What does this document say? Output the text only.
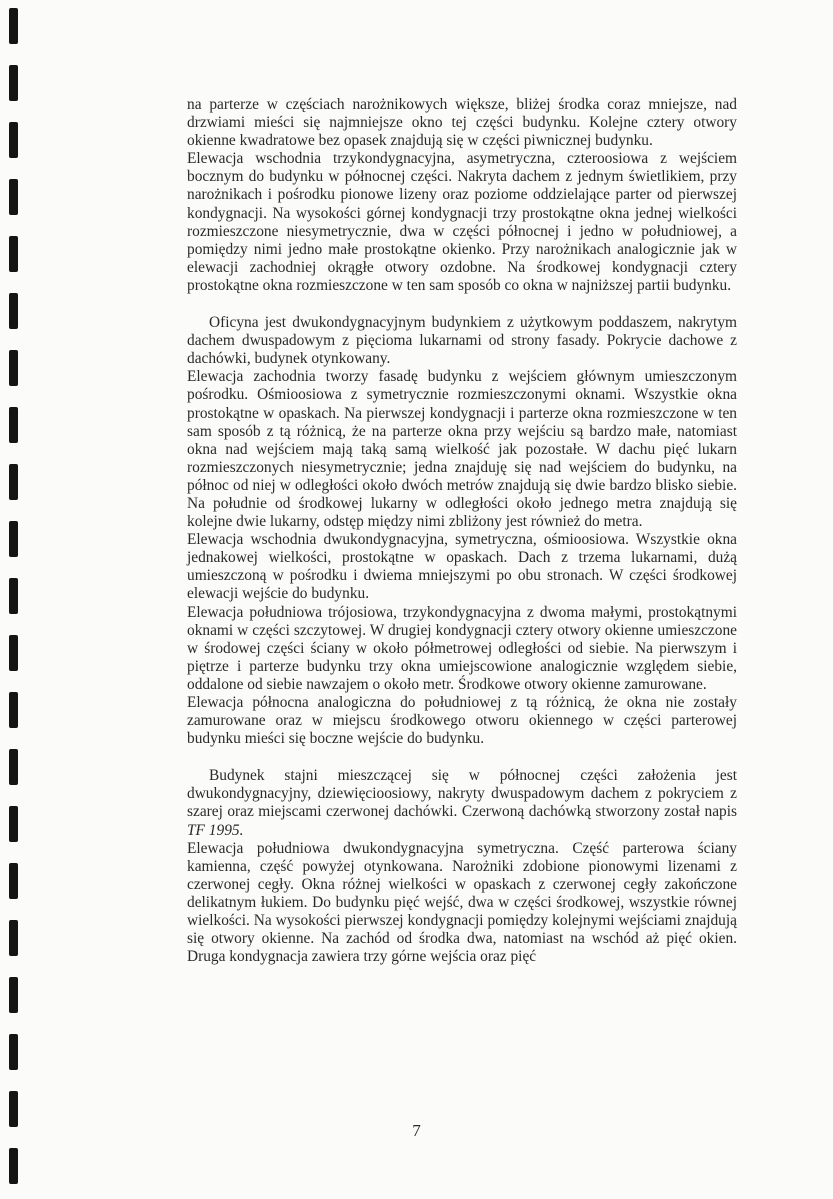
na parterze w częściach narożnikowych większe, bliżej środka coraz mniejsze, nad drzwiami mieści się najmniejsze okno tej części budynku. Kolejne cztery otwory okienne kwadratowe bez opasek znajdują się w części piwnicznej budynku.

Elewacja wschodnia trzykondygnacyjna, asymetryczna, czteroosiowa z wejściem bocznym do budynku w północnej części. Nakryta dachem z jednym świetlikiem, przy narożnikach i pośrodku pionowe lizeny oraz poziome oddzielające parter od pierwszej kondygnacji. Na wysokości górnej kondygnacji trzy prostokątne okna jednej wielkości rozmieszczone niesymetrycznie, dwa w części północnej i jedno w południowej, a pomiędzy nimi jedno małe prostokątne okienko. Przy narożnikach analogicznie jak w elewacji zachodniej okrągłe otwory ozdobne. Na środkowej kondygnacji cztery prostokątne okna rozmieszczone w ten sam sposób co okna w najniższej partii budynku.

Oficyna jest dwukondygnacyjnym budynkiem z użytkowym poddaszem, nakrytym dachem dwuspadowym z pięcioma lukarnami od strony fasady. Pokrycie dachowe z dachówki, budynek otynkowany.

Elewacja zachodnia tworzy fasadę budynku z wejściem głównym umieszczonym pośrodku. Ośmioosiowa z symetrycznie rozmieszczonymi oknami. Wszystkie okna prostokątne w opaskach. Na pierwszej kondygnacji i parterze okna rozmieszczone w ten sam sposób z tą różnicą, że na parterze okna przy wejściu są bardzo małe, natomiast okna nad wejściem mają taką samą wielkość jak pozostałe. W dachu pięć lukarn rozmieszczonych niesymetrycznie; jedna znajduję się nad wejściem do budynku, na północ od niej w odległości około dwóch metrów znajdują się dwie bardzo blisko siebie. Na południe od środkowej lukarny w odległości około jednego metra znajdują się kolejne dwie lukarny, odstęp między nimi zbliżony jest również do metra.

Elewacja wschodnia dwukondygnacyjna, symetryczna, ośmioosiowa. Wszystkie okna jednakowej wielkości, prostokątne w opaskach. Dach z trzema lukarnami, dużą umieszczoną w pośrodku i dwiema mniejszymi po obu stronach. W części środkowej elewacji wejście do budynku.

Elewacja południowa trójosiowa, trzykondygnacyjna z dwoma małymi, prostokątnymi oknami w części szczytowej. W drugiej kondygnacji cztery otwory okienne umieszczone w środowej części ściany w około półmetrowej odległości od siebie. Na pierwszym i piętrze i parterze budynku trzy okna umiejscowione analogicznie względem siebie, oddalone od siebie nawzajem o około metr. Środkowe otwory okienne zamurowane.

Elewacja północna analogiczna do południowej z tą różnicą, że okna nie zostały zamurowane oraz w miejscu środkowego otworu okiennego w części parterowej budynku mieści się boczne wejście do budynku.

Budynek stajni mieszczącej się w północnej części założenia jest dwukondygnacyjny, dziewięcioosiowy, nakryty dwuspadowym dachem z pokryciem z szarej oraz miejscami czerwonej dachówki. Czerwoną dachówką stworzony został napis TF 1995.

Elewacja południowa dwukondygnacyjna symetryczna. Część parterowa ściany kamienna, część powyżej otynkowana. Narożniki zdobione pionowymi lizenami z czerwonej cegły. Okna różnej wielkości w opaskach z czerwonej cegły zakończone delikatnym łukiem. Do budynku pięć wejść, dwa w części środkowej, wszystkie równej wielkości. Na wysokości pierwszej kondygnacji pomiędzy kolejnymi wejściami znajdują się otwory okienne. Na zachód od środka dwa, natomiast na wschód aż pięć okien. Druga kondygnacja zawiera trzy górne wejścia oraz pięć

7
